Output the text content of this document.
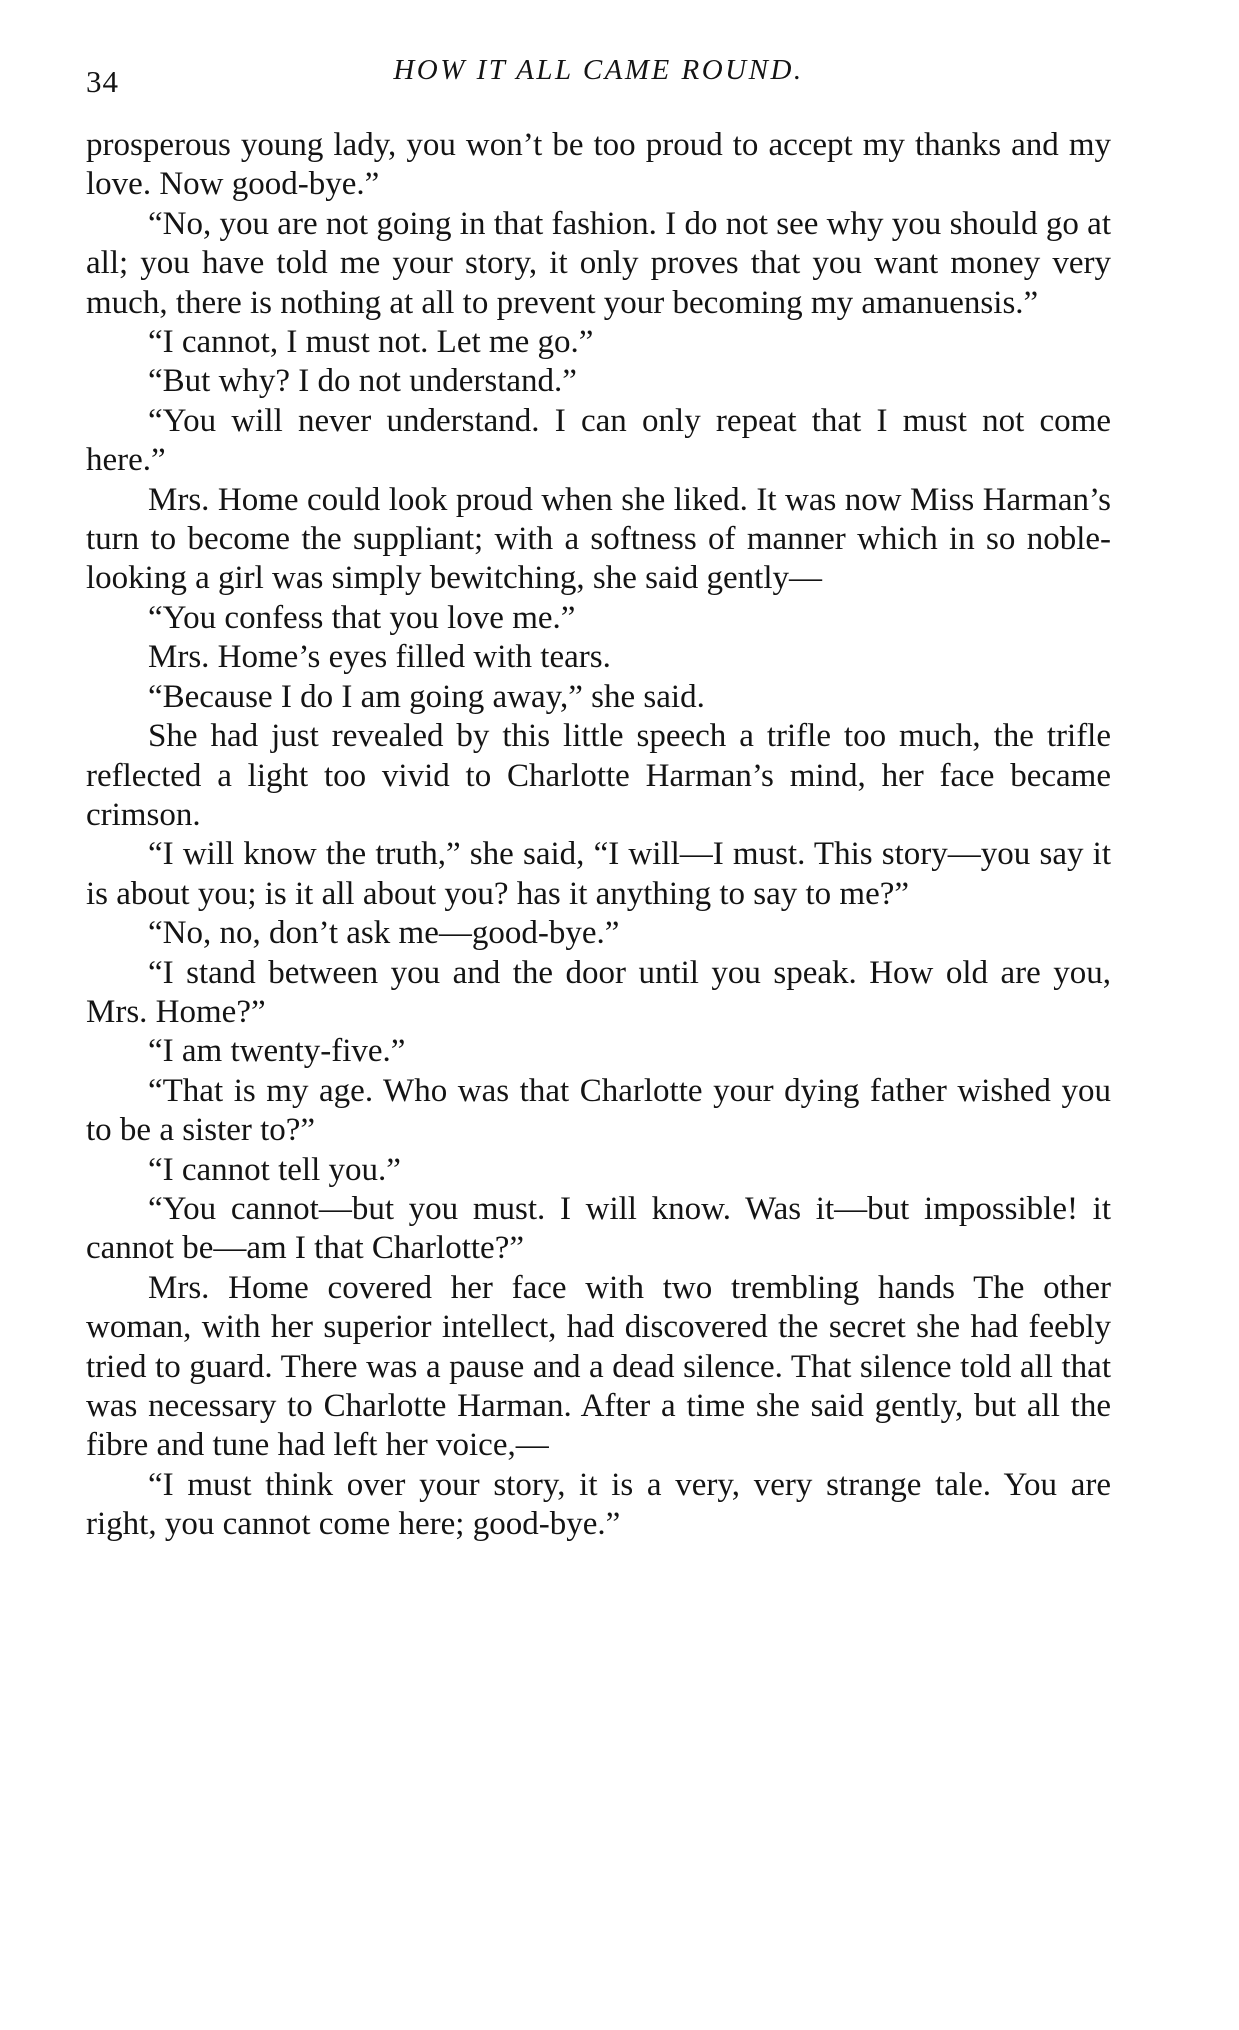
34	HOW IT ALL CAME ROUND.

prosperous young lady, you won’t be too proud to accept my thanks and my love. Now good-bye.”

“No, you are not going in that fashion. I do not see why you should go at all; you have told me your story, it only proves that you want money very much, there is nothing at all to prevent your becoming my amanuensis.”

“I cannot, I must not. Let me go.”

“But why? I do not understand.”

“You will never understand. I can only repeat that I must not come here.”

Mrs. Home could look proud when she liked. It was now Miss Harman’s turn to become the suppliant; with a softness of manner which in so noble-looking a girl was simply bewitching, she said gently—

“You confess that you love me.”

Mrs. Home’s eyes filled with tears.

“Because I do I am going away,” she said.

She had just revealed by this little speech a trifle too much, the trifle reflected a light too vivid to Charlotte Harman’s mind, her face became crimson.

“I will know the truth,” she said, “I will—I must. This story—you say it is about you; is it all about you? has it anything to say to me?”

“No, no, don’t ask me—good-bye.”

“I stand between you and the door until you speak. How old are you, Mrs. Home?”

“I am twenty-five.”

“That is my age. Who was that Charlotte your dying father wished you to be a sister to?”

“I cannot tell you.”

“You cannot—but you must. I will know. Was it—but impossible! it cannot be—am I that Charlotte?”

Mrs. Home covered her face with two trembling hands The other woman, with her superior intellect, had discovered the secret she had feebly tried to guard. There was a pause and a dead silence. That silence told all that was necessary to Charlotte Harman. After a time she said gently, but all the fibre and tune had left her voice,—

“I must think over your story, it is a very, very strange tale. You are right, you cannot come here; good-bye.”
